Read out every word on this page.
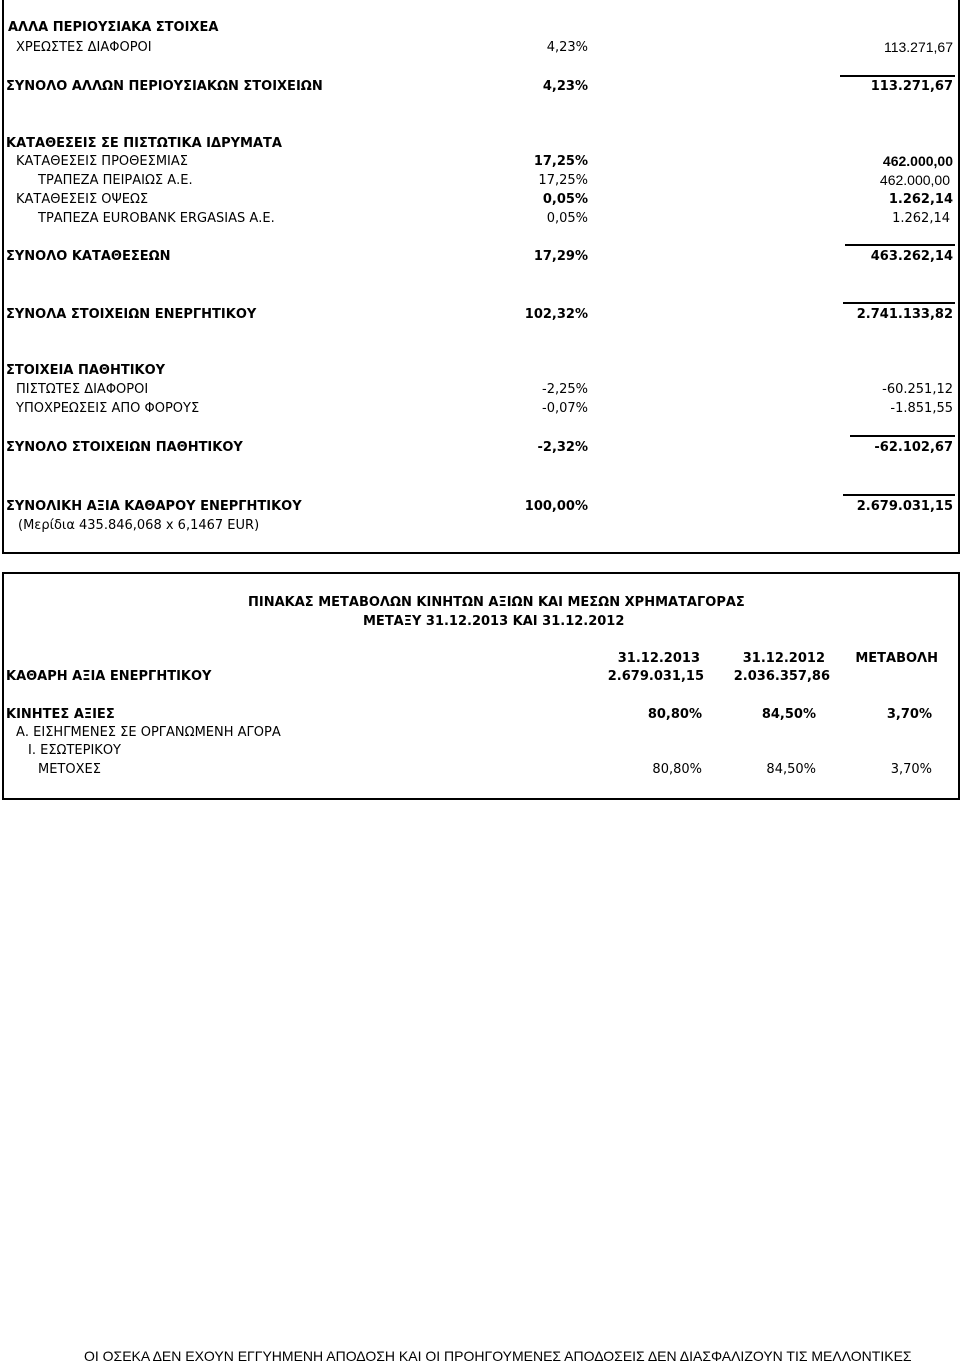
ΑΛΛΑ ΠΕΡΙΟΥΣΙΑΚΑ ΣΤΟΙΧΕΑ
ΧΡΕΩΣΤΕΣ ΔΙΑΦΟΡΟΙ	4,23%	113.271,67
ΣΥΝΟΛΟ ΑΛΛΩΝ ΠΕΡΙΟΥΣΙΑΚΩΝ ΣΤΟΙΧΕΙΩΝ	4,23%	113.271,67
ΚΑΤΑΘΕΣΕΙΣ ΣΕ ΠΙΣΤΩΤΙΚΑ ΙΔΡΥΜΑΤΑ
ΚΑΤΑΘΕΣΕΙΣ ΠΡΟΘΕΣΜΙΑΣ	17,25%	462.000,00
ΤΡΑΠΕΖΑ ΠΕΙΡΑΙΩΣ Α.Ε.	17,25%	462.000,00
ΚΑΤΑΘΕΣΕΙΣ ΟΨΕΩΣ	0,05%	1.262,14
ΤΡΑΠΕΖΑ EUROBANK ERGASIAS Α.Ε.	0,05%	1.262,14
ΣΥΝΟΛΟ ΚΑΤΑΘΕΣΕΩΝ	17,29%	463.262,14
ΣΥΝΟΛΑ ΣΤΟΙΧΕΙΩΝ ΕΝΕΡΓΗΤΙΚΟΥ	102,32%	2.741.133,82
ΣΤΟΙΧΕΙΑ ΠΑΘΗΤΙΚΟΥ
ΠΙΣΤΩΤΕΣ ΔΙΑΦΟΡΟΙ	-2,25%	-60.251,12
ΥΠΟΧΡΕΩΣΕΙΣ ΑΠΟ ΦΟΡΟΥΣ	-0,07%	-1.851,55
ΣΥΝΟΛΟ ΣΤΟΙΧΕΙΩΝ ΠΑΘΗΤΙΚΟΥ	-2,32%	-62.102,67
ΣΥΝΟΛΙΚΗ ΑΞΙΑ ΚΑΘΑΡΟΥ ΕΝΕΡΓΗΤΙΚΟΥ	100,00%	2.679.031,15
(Μερίδια 435.846,068 x 6,1467 EUR)
ΠΙΝΑΚΑΣ ΜΕΤΑΒΟΛΩΝ ΚΙΝΗΤΩΝ ΑΞΙΩΝ ΚΑΙ ΜΕΣΩΝ ΧΡΗΜΑΤΑΓΟΡΑΣ
ΜΕΤΑΞΥ 31.12.2013 ΚΑΙ 31.12.2012
31.12.2013	31.12.2012 ΜΕΤΑΒΟΛΗ
ΚΑΘΑΡΗ ΑΞΙΑ ΕΝΕΡΓΗΤΙΚΟΥ	2.679.031,15 2.036.357,86
ΚΙΝΗΤΕΣ ΑΞΙΕΣ	80,80%	84,50%	3,70%
Α. ΕΙΣΗΓΜΕΝΕΣ ΣΕ ΟΡΓΑΝΩΜΕΝΗ ΑΓΟΡΑ
Ι. ΕΣΩΤΕΡΙΚΟΥ
ΜΕΤΟΧΕΣ	80,80%	84,50%	3,70%
ΟΙ ΟΣΕΚΑ ΔΕΝ ΕΧΟΥΝ ΕΓΓΥΗΜΕΝΗ ΑΠΟΔΟΣΗ ΚΑΙ ΟΙ ΠΡΟΗΓΟΥΜΕΝΕΣ ΑΠΟΔΟΣΕΙΣ ΔΕΝ ΔΙΑΣΦΑΛΙΖΟΥΝ ΤΙΣ ΜΕΛΛΟΝΤΙΚΕΣ
